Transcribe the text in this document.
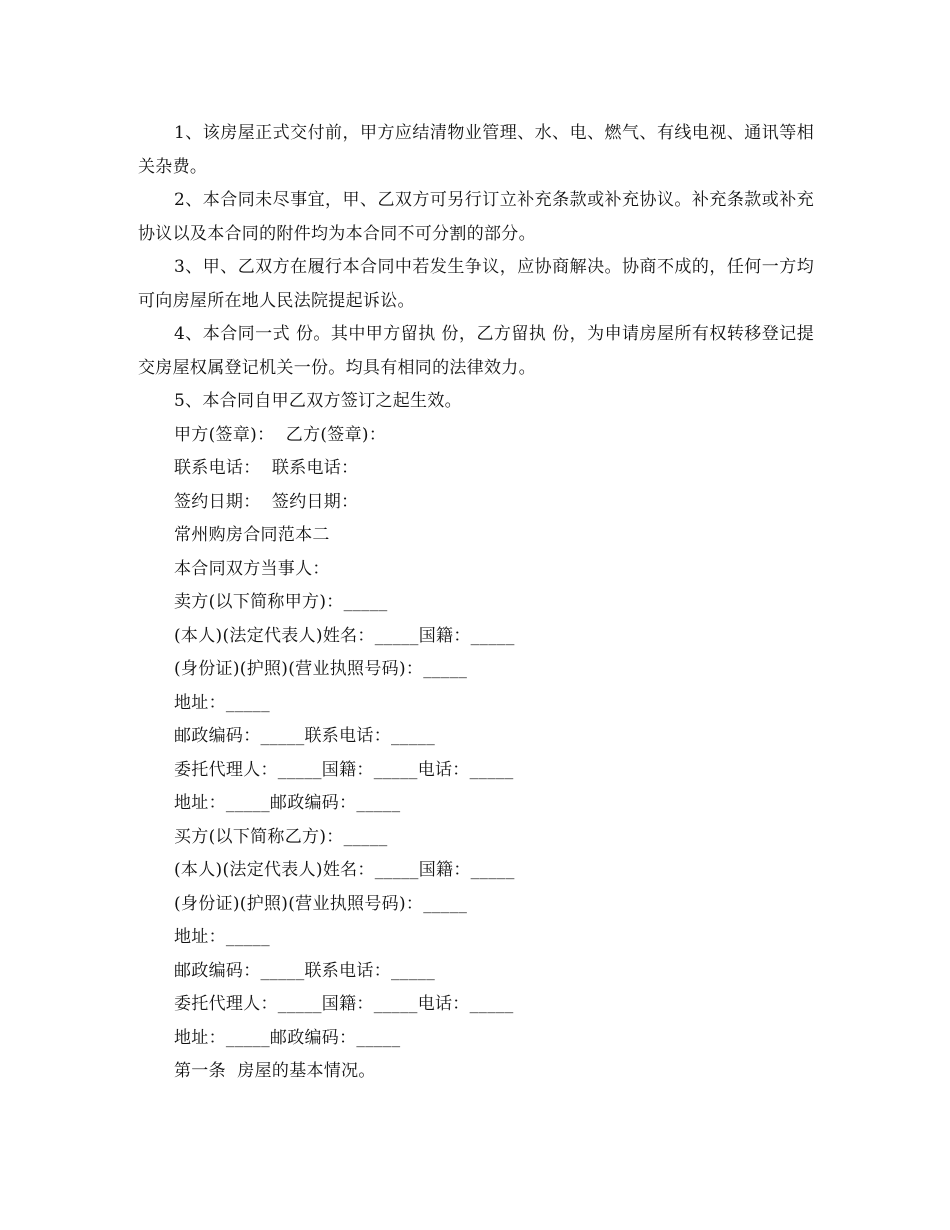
1、该房屋正式交付前，甲方应结清物业管理、水、电、燃气、有线电视、通讯等相关杂费。

2、本合同未尽事宜，甲、乙双方可另行订立补充条款或补充协议。补充条款或补充协议以及本合同的附件均为本合同不可分割的部分。

3、甲、乙双方在履行本合同中若发生争议，应协商解决。协商不成的，任何一方均可向房屋所在地人民法院提起诉讼。

4、本合同一式 份。其中甲方留执 份，乙方留执 份，为申请房屋所有权转移登记提交房屋权属登记机关一份。均具有相同的法律效力。

5、本合同自甲乙双方签订之起生效。

甲方(签章)：  乙方(签章)：

联系电话：  联系电话：

签约日期：  签约日期：

常州购房合同范本二

本合同双方当事人：

卖方(以下简称甲方)：_____

(本人)(法定代表人)姓名：_____国籍：_____

(身份证)(护照)(营业执照号码)：_____

地址：_____

邮政编码：_____联系电话：_____

委托代理人：_____国籍：_____电话：_____

地址：_____邮政编码：_____

买方(以下简称乙方)：_____

(本人)(法定代表人)姓名：_____国籍：_____

(身份证)(护照)(营业执照号码)：_____

地址：_____

邮政编码：_____联系电话：_____

委托代理人：_____国籍：_____电话：_____

地址：_____邮政编码：_____

第一条  房屋的基本情况。
